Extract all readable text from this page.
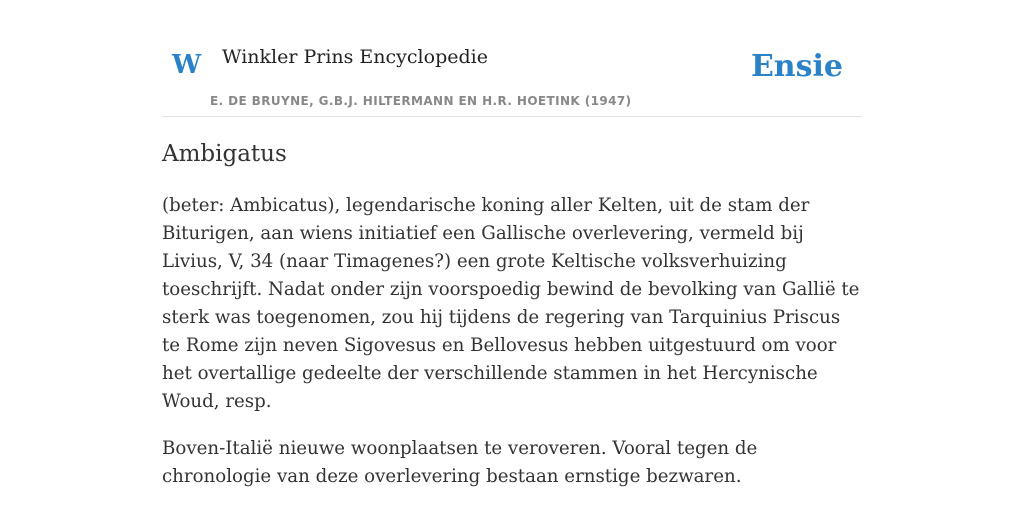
W Winkler Prins Encyclopedie	Ensie
E. DE BRUYNE, G.B.J. HILTERMANN EN H.R. HOETINK (1947)
Ambigatus

(beter: Ambicatus), legendarische koning aller Kelten, uit de stam der Biturigen, aan wiens initiatief een Gallische overlevering, vermeld bij Livius, V, 34 (naar Timagenes?) een grote Keltische volksverhuizing toeschrijft. Nadat onder zijn voorspoedig bewind de bevolking van Gallië te sterk was toegenomen, zou hij tijdens de regering van Tarquinius Priscus te Rome zijn neven Sigovesus en Bellovesus hebben uitgestuurd om voor het overtallige gedeelte der verschillende stammen in het Hercynische Woud, resp.

Boven-Italië nieuwe woonplaatsen te veroveren. Vooral tegen de chronologie van deze overlevering bestaan ernstige bezwaren.
